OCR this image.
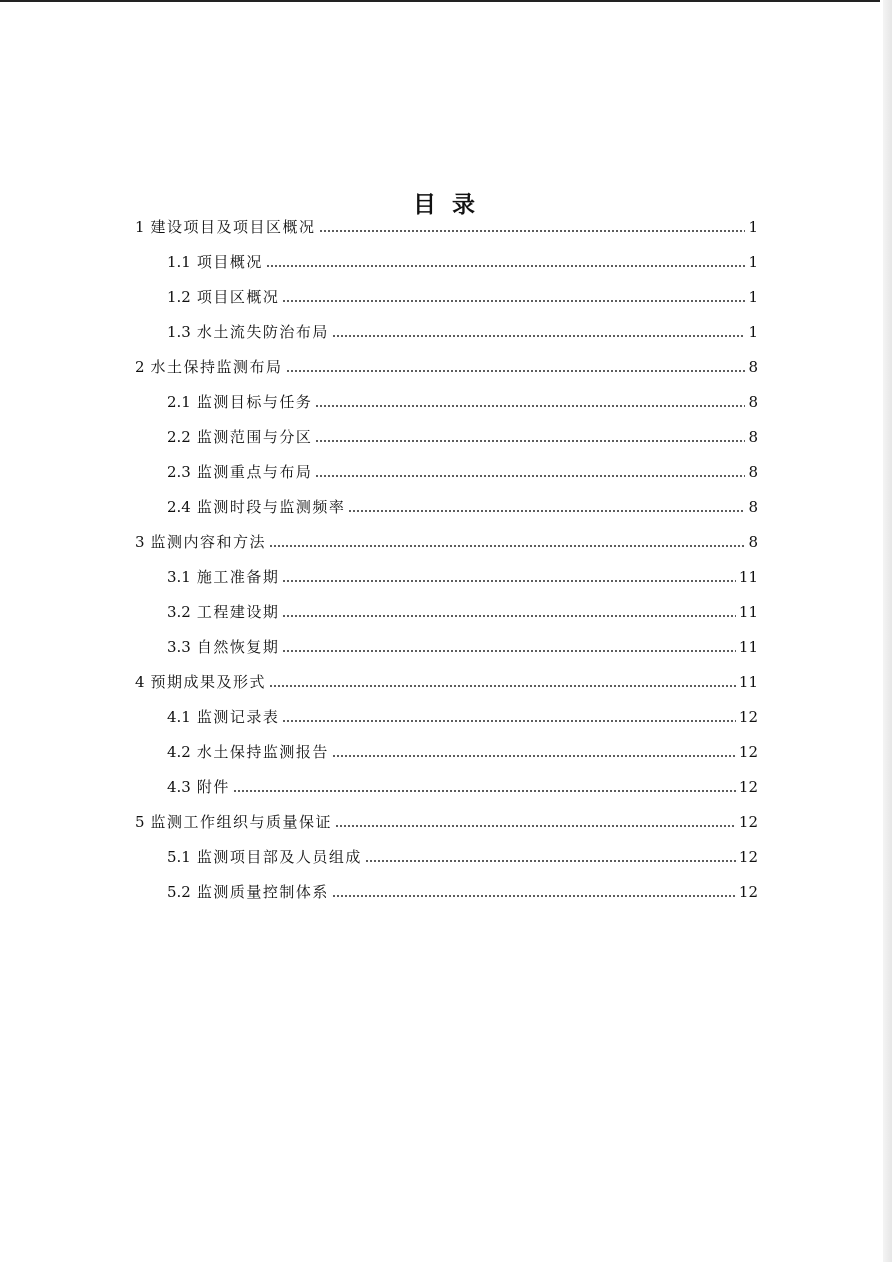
目 录
1 建设项目及项目区概况	1
1.1 项目概况	1
1.2 项目区概况	1
1.3 水土流失防治布局	1
2 水土保持监测布局	8
2.1 监测目标与任务	8
2.2 监测范围与分区	8
2.3 监测重点与布局	8
2.4 监测时段与监测频率	8
3 监测内容和方法	8
3.1 施工准备期	11
3.2 工程建设期	11
3.3 自然恢复期	11
4 预期成果及形式	11
4.1 监测记录表	12
4.2 水土保持监测报告	12
4.3 附件	12
5 监测工作组织与质量保证	12
5.1 监测项目部及人员组成	12
5.2 监测质量控制体系	12
